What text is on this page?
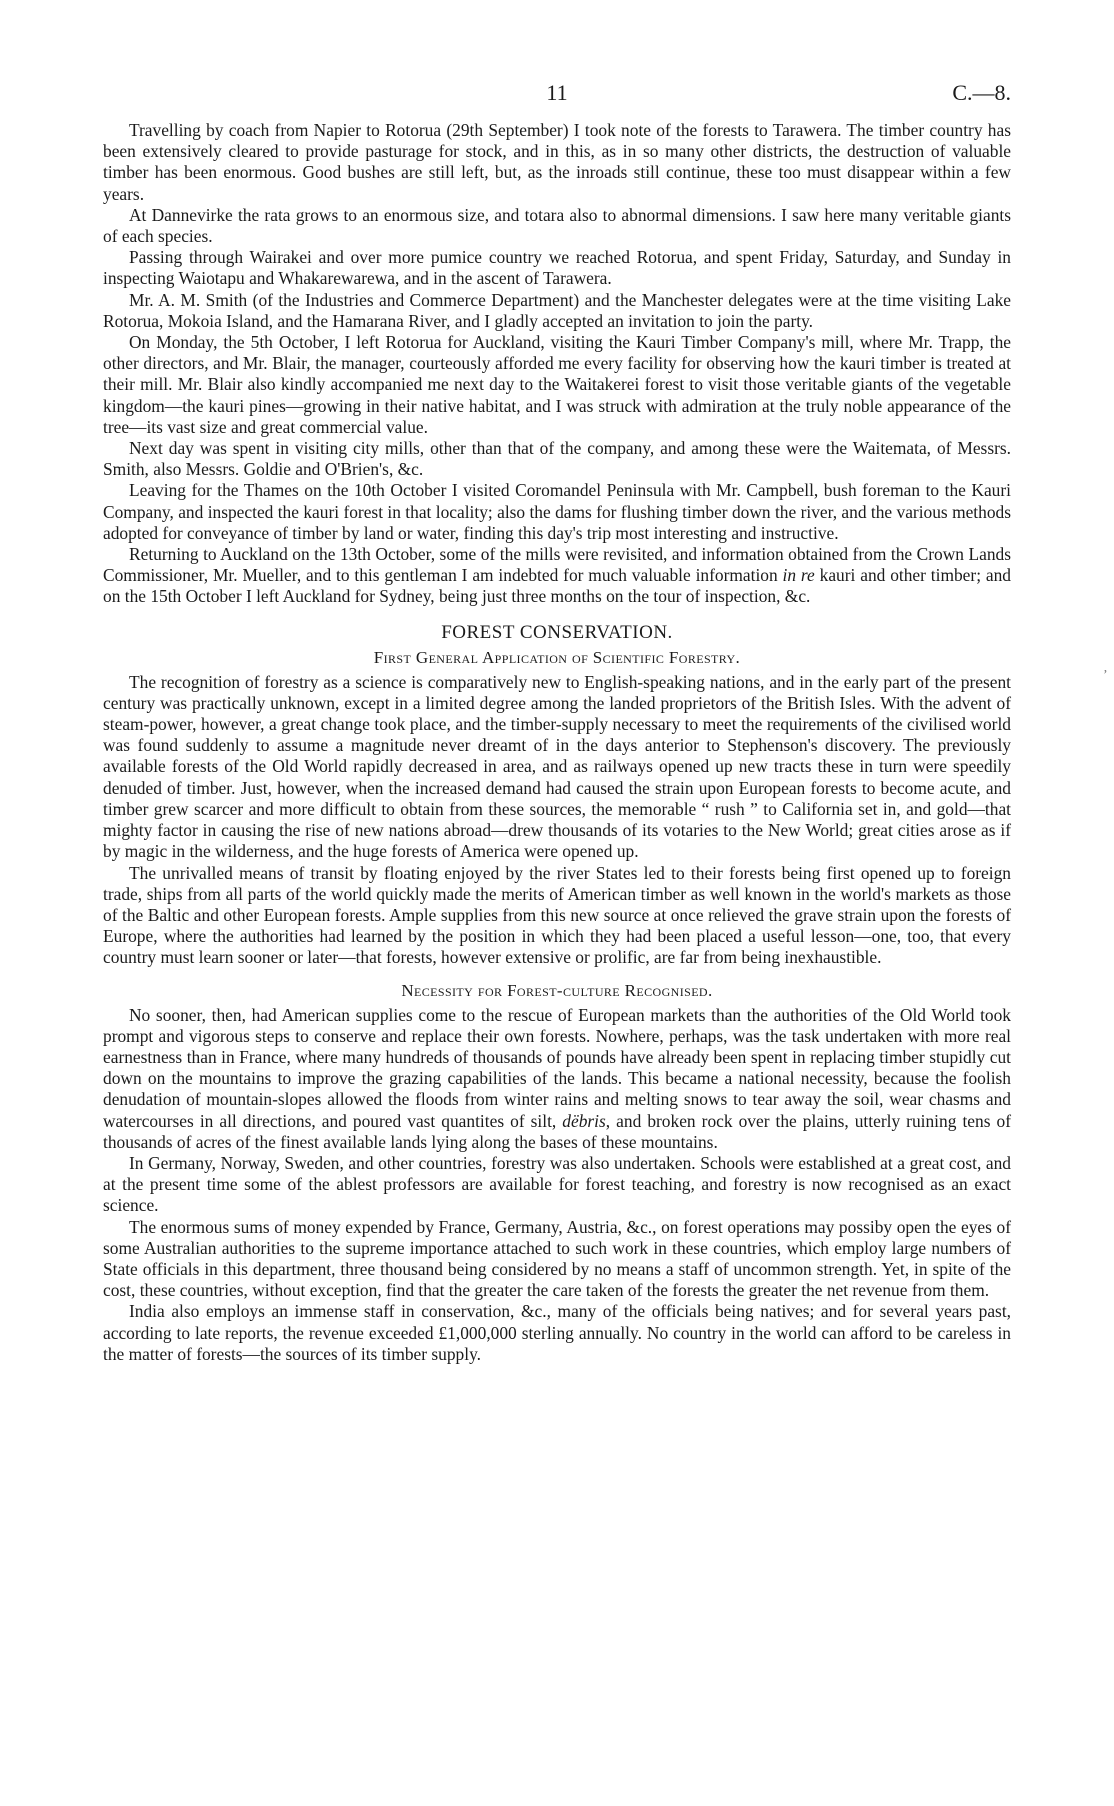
11	C.—8.

Travelling by coach from Napier to Rotorua (29th September) I took note of the forests to Tarawera. The timber country has been extensively cleared to provide pasturage for stock, and in this, as in so many other districts, the destruction of valuable timber has been enormous. Good bushes are still left, but, as the inroads still continue, these too must disappear within a few years.

At Dannevirke the rata grows to an enormous size, and totara also to abnormal dimensions. I saw here many veritable giants of each species.

Passing through Wairakei and over more pumice country we reached Rotorua, and spent Friday, Saturday, and Sunday in inspecting Waiotapu and Whakarewarewa, and in the ascent of Tarawera.

Mr. A. M. Smith (of the Industries and Commerce Department) and the Manchester delegates were at the time visiting Lake Rotorua, Mokoia Island, and the Hamarana River, and I gladly accepted an invitation to join the party.

On Monday, the 5th October, I left Rotorua for Auckland, visiting the Kauri Timber Company's mill, where Mr. Trapp, the other directors, and Mr. Blair, the manager, courteously afforded me every facility for observing how the kauri timber is treated at their mill. Mr. Blair also kindly accompanied me next day to the Waitakerei forest to visit those veritable giants of the vegetable kingdom—the kauri pines—growing in their native habitat, and I was struck with admiration at the truly noble appearance of the tree—its vast size and great commercial value.

Next day was spent in visiting city mills, other than that of the company, and among these were the Waitemata, of Messrs. Smith, also Messrs. Goldie and O'Brien's, &c.

Leaving for the Thames on the 10th October I visited Coromandel Peninsula with Mr. Campbell, bush foreman to the Kauri Company, and inspected the kauri forest in that locality; also the dams for flushing timber down the river, and the various methods adopted for conveyance of timber by land or water, finding this day's trip most interesting and instructive.

Returning to Auckland on the 13th October, some of the mills were revisited, and information obtained from the Crown Lands Commissioner, Mr. Mueller, and to this gentleman I am indebted for much valuable information in re kauri and other timber; and on the 15th October I left Auckland for Sydney, being just three months on the tour of inspection, &c.

FOREST CONSERVATION.
First General Application of Scientific Forestry.

The recognition of forestry as a science is comparatively new to English-speaking nations, and in the early part of the present century was practically unknown, except in a limited degree among the landed proprietors of the British Isles. With the advent of steam-power, however, a great change took place, and the timber-supply necessary to meet the requirements of the civilised world was found suddenly to assume a magnitude never dreamt of in the days anterior to Stephenson's discovery. The previously available forests of the Old World rapidly decreased in area, and as railways opened up new tracts these in turn were speedily denuded of timber. Just, however, when the increased demand had caused the strain upon European forests to become acute, and timber grew scarcer and more difficult to obtain from these sources, the memorable “ rush ” to California set in, and gold—that mighty factor in causing the rise of new nations abroad—drew thousands of its votaries to the New World; great cities arose as if by magic in the wilderness, and the huge forests of America were opened up.

The unrivalled means of transit by floating enjoyed by the river States led to their forests being first opened up to foreign trade, ships from all parts of the world quickly made the merits of American timber as well known in the world's markets as those of the Baltic and other European forests. Ample supplies from this new source at once relieved the grave strain upon the forests of Europe, where the authorities had learned by the position in which they had been placed a useful lesson—one, too, that every country must learn sooner or later—that forests, however extensive or prolific, are far from being inexhaustible.

Necessity for Forest-culture Recognised.

No sooner, then, had American supplies come to the rescue of European markets than the authorities of the Old World took prompt and vigorous steps to conserve and replace their own forests. Nowhere, perhaps, was the task undertaken with more real earnestness than in France, where many hundreds of thousands of pounds have already been spent in replacing timber stupidly cut down on the mountains to improve the grazing capabilities of the lands. This became a national necessity, because the foolish denudation of mountain-slopes allowed the floods from winter rains and melting snows to tear away the soil, wear chasms and watercourses in all directions, and poured vast quantites of silt, dëbris, and broken rock over the plains, utterly ruining tens of thousands of acres of the finest available lands lying along the bases of these mountains.

In Germany, Norway, Sweden, and other countries, forestry was also undertaken. Schools were established at a great cost, and at the present time some of the ablest professors are available for forest teaching, and forestry is now recognised as an exact science.

The enormous sums of money expended by France, Germany, Austria, &c., on forest operations may possiby open the eyes of some Australian authorities to the supreme importance attached to such work in these countries, which employ large numbers of State officials in this department, three thousand being considered by no means a staff of uncommon strength. Yet, in spite of the cost, these countries, without exception, find that the greater the care taken of the forests the greater the net revenue from them.

India also employs an immense staff in conservation, &c., many of the officials being natives; and for several years past, according to late reports, the revenue exceeded £1,000,000 sterling annually. No country in the world can afford to be careless in the matter of forests—the sources of its timber supply.

’
